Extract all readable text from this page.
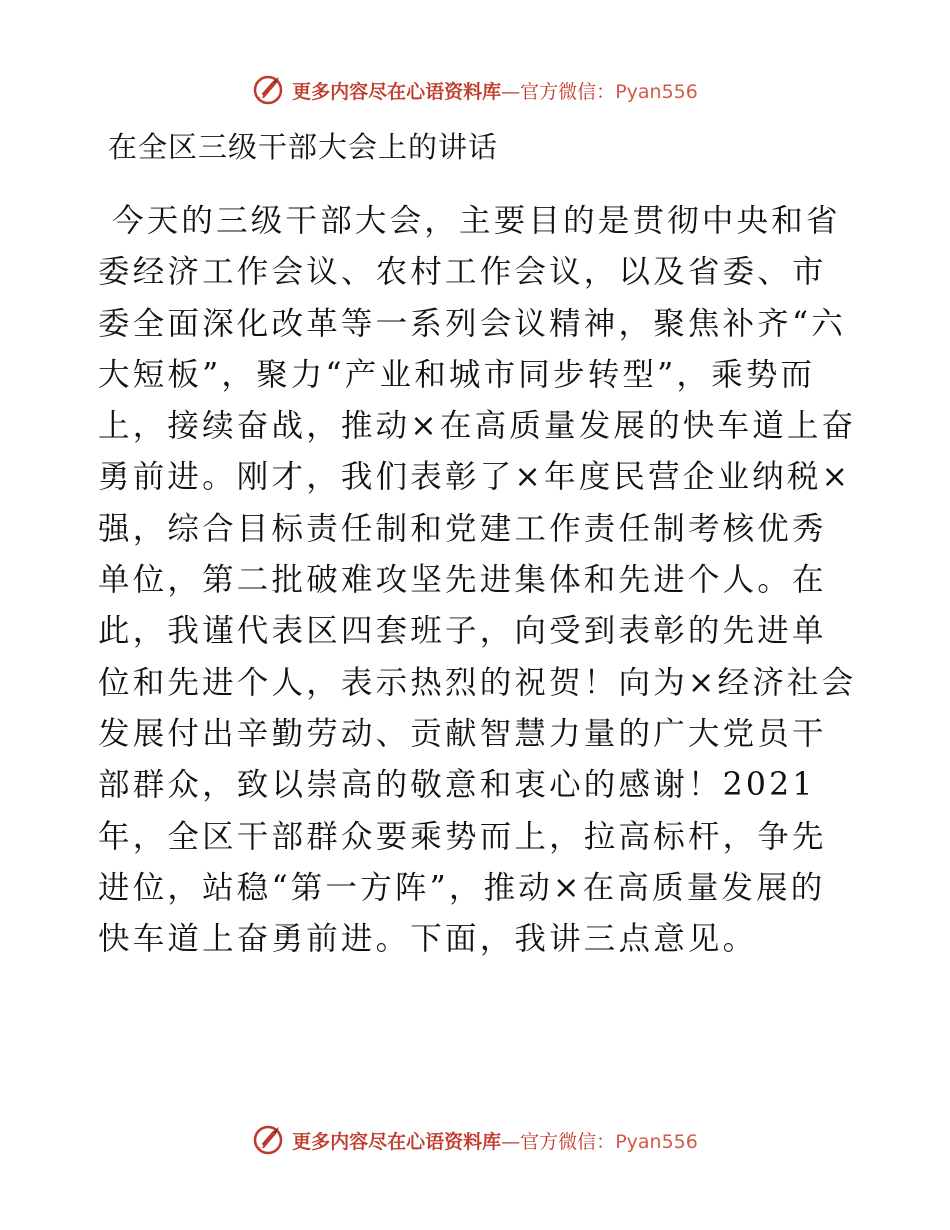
更多内容尽在心语资料库 — 官方微信： Pyan556
在全区三级干部大会上的讲话

今天的三级干部大会，主要目的是贯彻中央和省委经济工作会议、农村工作会议，以及省委、市委全面深化改革等一系列会议精神，聚焦补齐“六大短板”，聚力“产业和城市同步转型”，乘势而上，接续奋战，推动×在高质量发展的快车道上奋勇前进。刚才，我们表彰了×年度民营企业纳税×强，综合目标责任制和党建工作责任制考核优秀单位，第二批破难攻坚先进集体和先进个人。在此，我谨代表区四套班子，向受到表彰的先进单位和先进个人，表示热烈的祝贺！向为×经济社会发展付出辛勤劳动、贡献智慧力量的广大党员干部群众，致以崇高的敬意和衷心的感谢！2021年，全区干部群众要乘势而上，拉高标杆，争先进位，站稳“第一方阵”，推动×在高质量发展的快车道上奋勇前进。下面，我讲三点意见。

更多内容尽在心语资料库 — 官方微信： Pyan556
